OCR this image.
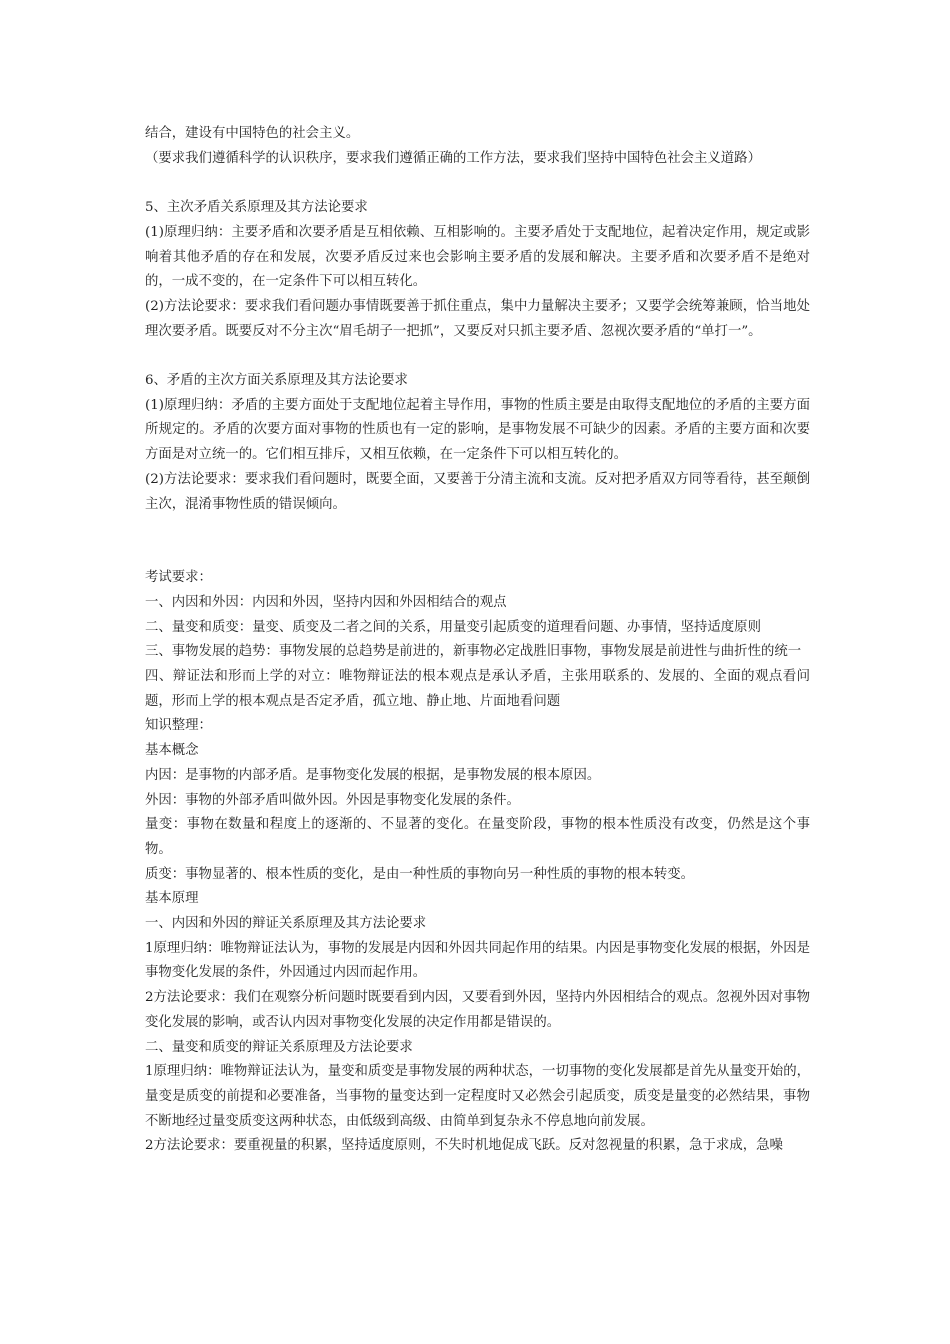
结合，建设有中国特色的社会主义。

（要求我们遵循科学的认识秩序，要求我们遵循正确的工作方法，要求我们坚持中国特色社会主义道路）

5、主次矛盾关系原理及其方法论要求

(1)原理归纳：主要矛盾和次要矛盾是互相依赖、互相影响的。主要矛盾处于支配地位，起着决定作用，规定或影响着其他矛盾的存在和发展，次要矛盾反过来也会影响主要矛盾的发展和解决。主要矛盾和次要矛盾不是绝对的，一成不变的，在一定条件下可以相互转化。

(2)方法论要求：要求我们看问题办事情既要善于抓住重点，集中力量解决主要矛；又要学会统筹兼顾，恰当地处理次要矛盾。既要反对不分主次“眉毛胡子一把抓”，又要反对只抓主要矛盾、忽视次要矛盾的“单打一”。

6、矛盾的主次方面关系原理及其方法论要求

(1)原理归纳：矛盾的主要方面处于支配地位起着主导作用，事物的性质主要是由取得支配地位的矛盾的主要方面所规定的。矛盾的次要方面对事物的性质也有一定的影响，是事物发展不可缺少的因素。矛盾的主要方面和次要方面是对立统一的。它们相互排斥，又相互依赖，在一定条件下可以相互转化的。

(2)方法论要求：要求我们看问题时，既要全面，又要善于分清主流和支流。反对把矛盾双方同等看待，甚至颠倒主次，混淆事物性质的错误倾向。

考试要求：

一、内因和外因：内因和外因，坚持内因和外因相结合的观点

二、量变和质变：量变、质变及二者之间的关系，用量变引起质变的道理看问题、办事情，坚持适度原则

三、事物发展的趋势：事物发展的总趋势是前进的，新事物必定战胜旧事物，事物发展是前进性与曲折性的统一

四、辩证法和形而上学的对立：唯物辩证法的根本观点是承认矛盾，主张用联系的、发展的、全面的观点看问题，形而上学的根本观点是否定矛盾，孤立地、静止地、片面地看问题

知识整理：

基本概念

内因：是事物的内部矛盾。是事物变化发展的根据，是事物发展的根本原因。

外因：事物的外部矛盾叫做外因。外因是事物变化发展的条件。

量变：事物在数量和程度上的逐渐的、不显著的变化。在量变阶段，事物的根本性质没有改变，仍然是这个事物。

质变：事物显著的、根本性质的变化，是由一种性质的事物向另一种性质的事物的根本转变。

基本原理

一、内因和外因的辩证关系原理及其方法论要求

1原理归纳：唯物辩证法认为，事物的发展是内因和外因共同起作用的结果。内因是事物变化发展的根据，外因是事物变化发展的条件，外因通过内因而起作用。

2方法论要求：我们在观察分析问题时既要看到内因，又要看到外因，坚持内外因相结合的观点。忽视外因对事物变化发展的影响，或否认内因对事物变化发展的决定作用都是错误的。

二、量变和质变的辩证关系原理及方法论要求

1原理归纳：唯物辩证法认为，量变和质变是事物发展的两种状态，一切事物的变化发展都是首先从量变开始的，量变是质变的前提和必要准备，当事物的量变达到一定程度时又必然会引起质变，质变是量变的必然结果，事物不断地经过量变质变这两种状态，由低级到高级、由简单到复杂永不停息地向前发展。

2方法论要求：要重视量的积累，坚持适度原则，不失时机地促成飞跃。反对忽视量的积累，急于求成，急噪
